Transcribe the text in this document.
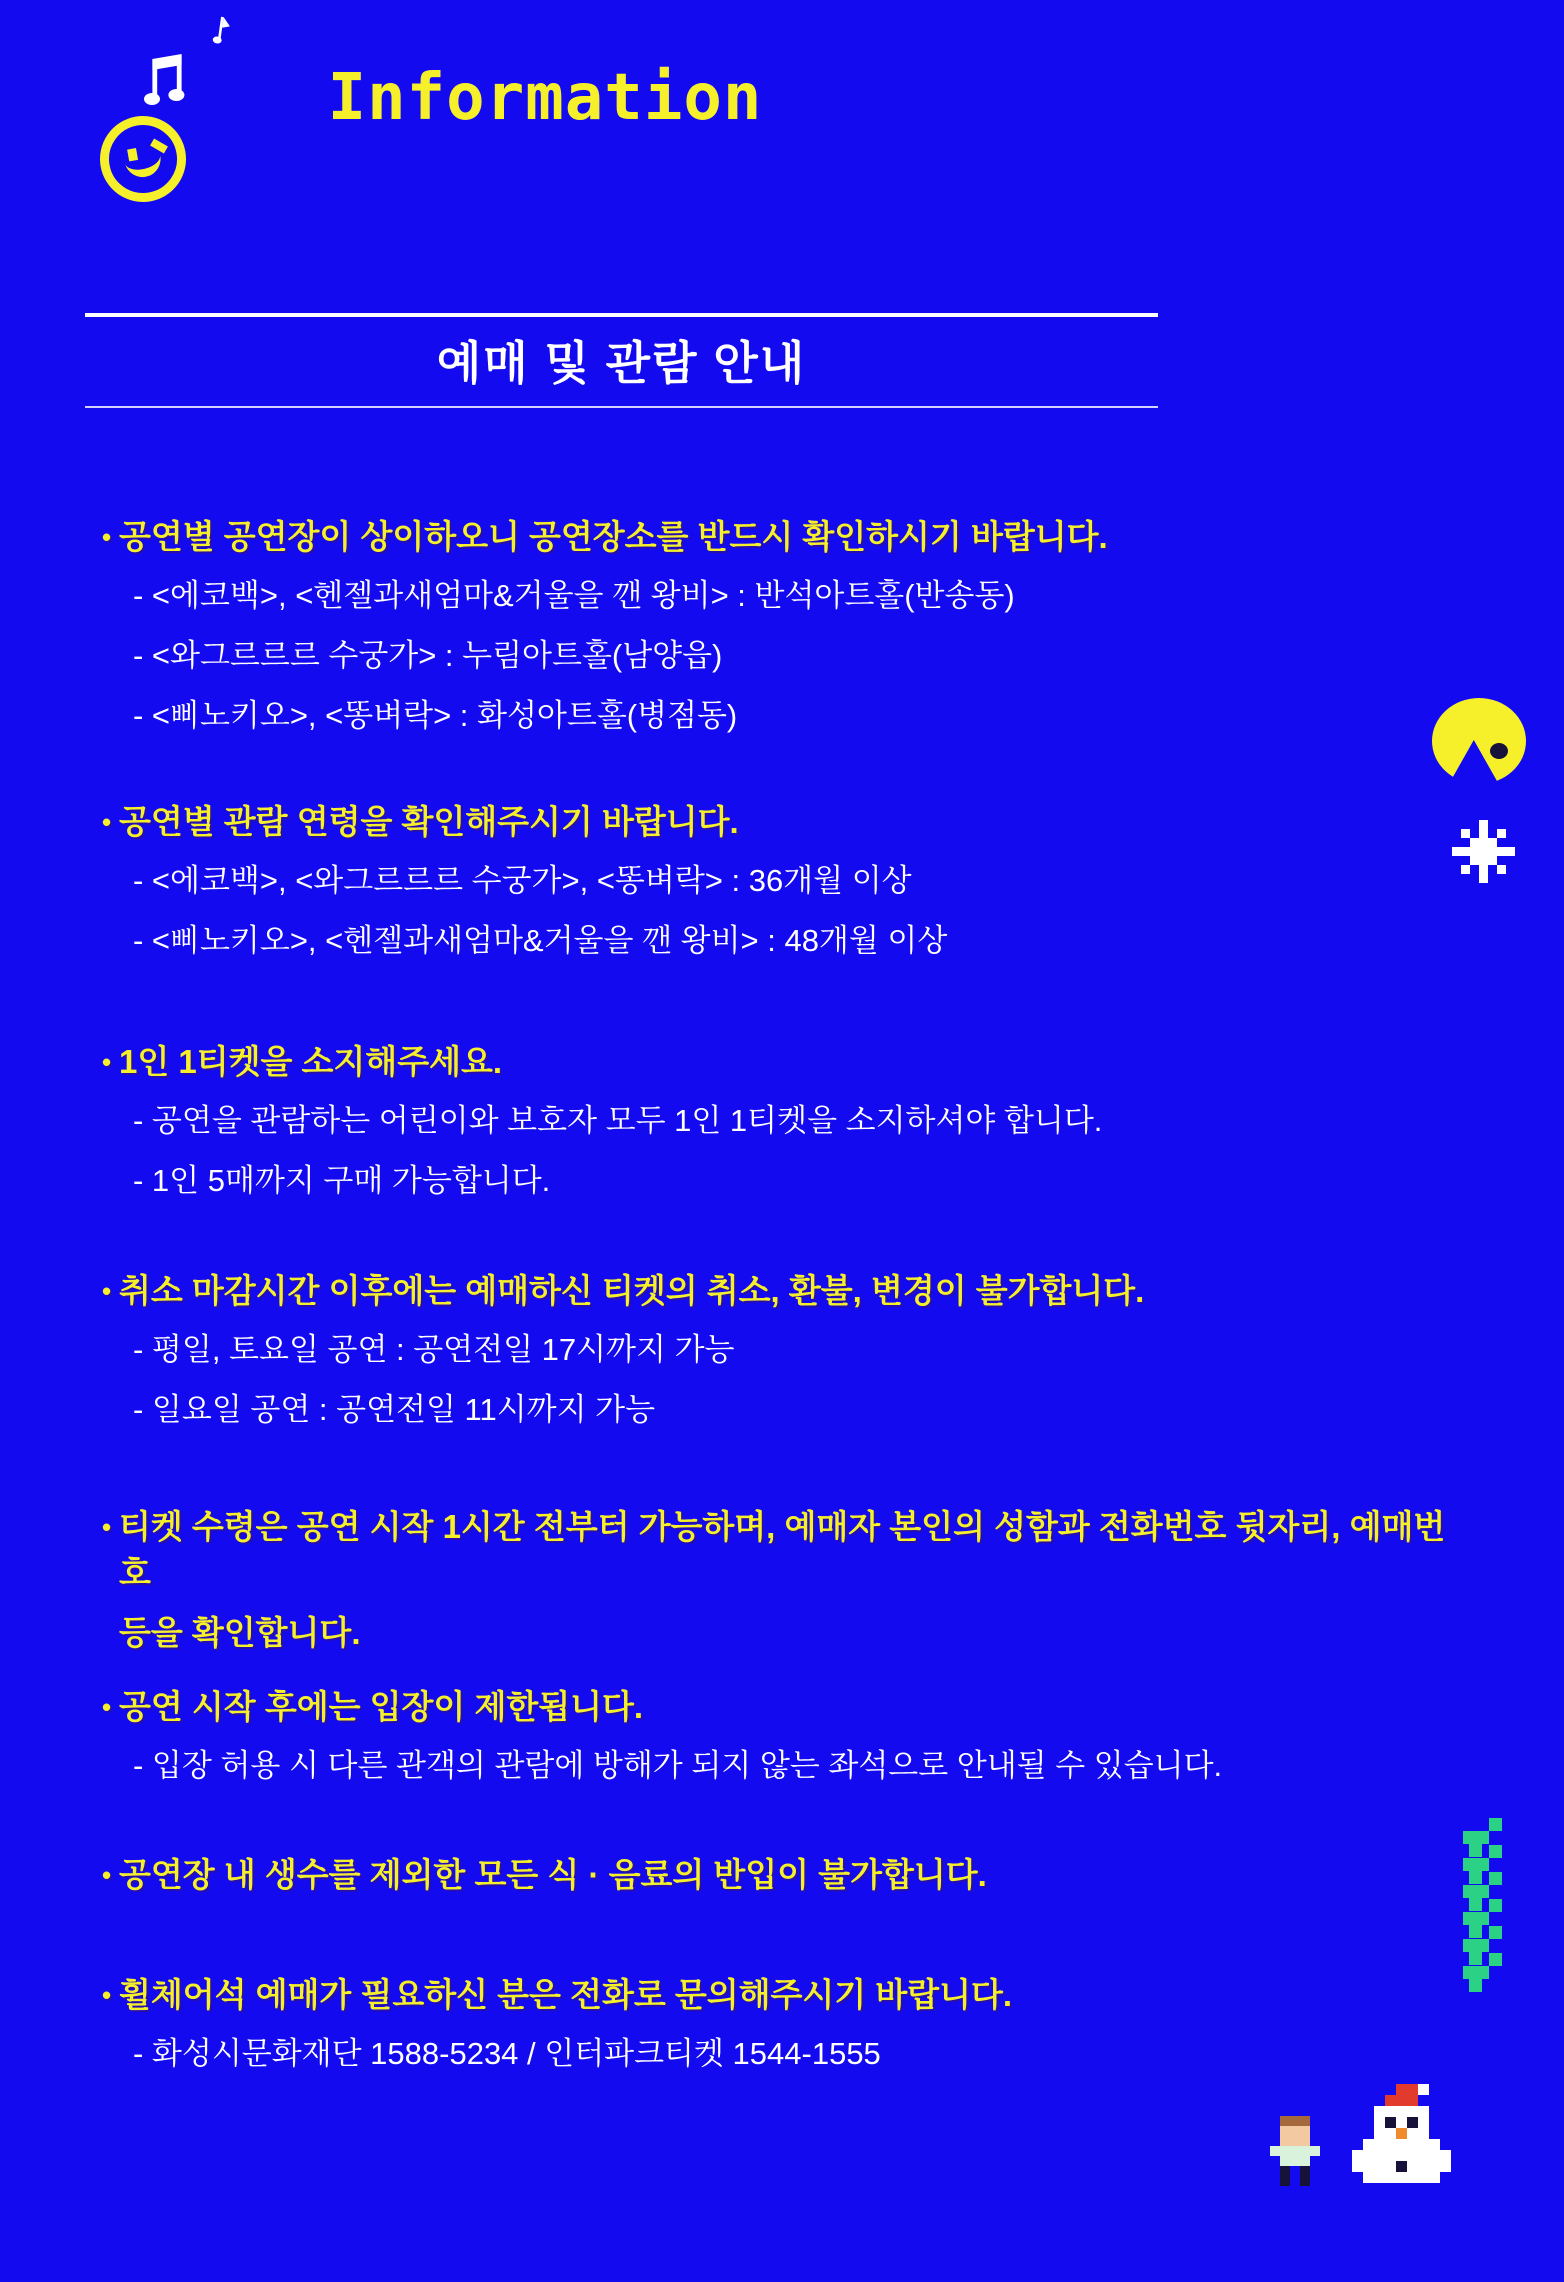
Information
예매 및 관람 안내
• 공연별 공연장이 상이하오니 공연장소를 반드시 확인하시기 바랍니다.
- <에코백>, <헨젤과새엄마&거울을 깬 왕비> : 반석아트홀(반송동)
- <와그르르르 수궁가> : 누림아트홀(남양읍)
- <삐노키오>, <똥벼락> : 화성아트홀(병점동)
• 공연별 관람 연령을 확인해주시기 바랍니다.
- <에코백>, <와그르르르 수궁가>, <똥벼락> : 36개월 이상
- <삐노키오>, <헨젤과새엄마&거울을 깬 왕비> : 48개월 이상
• 1인 1티켓을 소지해주세요.
- 공연을 관람하는 어린이와 보호자 모두 1인 1티켓을 소지하셔야 합니다.
- 1인 5매까지 구매 가능합니다.
• 취소 마감시간 이후에는 예매하신 티켓의 취소, 환불, 변경이 불가합니다.
- 평일, 토요일 공연 : 공연전일 17시까지 가능
- 일요일 공연 : 공연전일 11시까지 가능
• 티켓 수령은 공연 시작 1시간 전부터 가능하며, 예매자 본인의 성함과 전화번호 뒷자리, 예매번호
등을 확인합니다.
• 공연 시작 후에는 입장이 제한됩니다.
- 입장 허용 시 다른 관객의 관람에 방해가 되지 않는 좌석으로 안내될 수 있습니다.
• 공연장 내 생수를 제외한 모든 식 · 음료의 반입이 불가합니다.
• 휠체어석 예매가 필요하신 분은 전화로 문의해주시기 바랍니다.
- 화성시문화재단 1588-5234 / 인터파크티켓 1544-1555
